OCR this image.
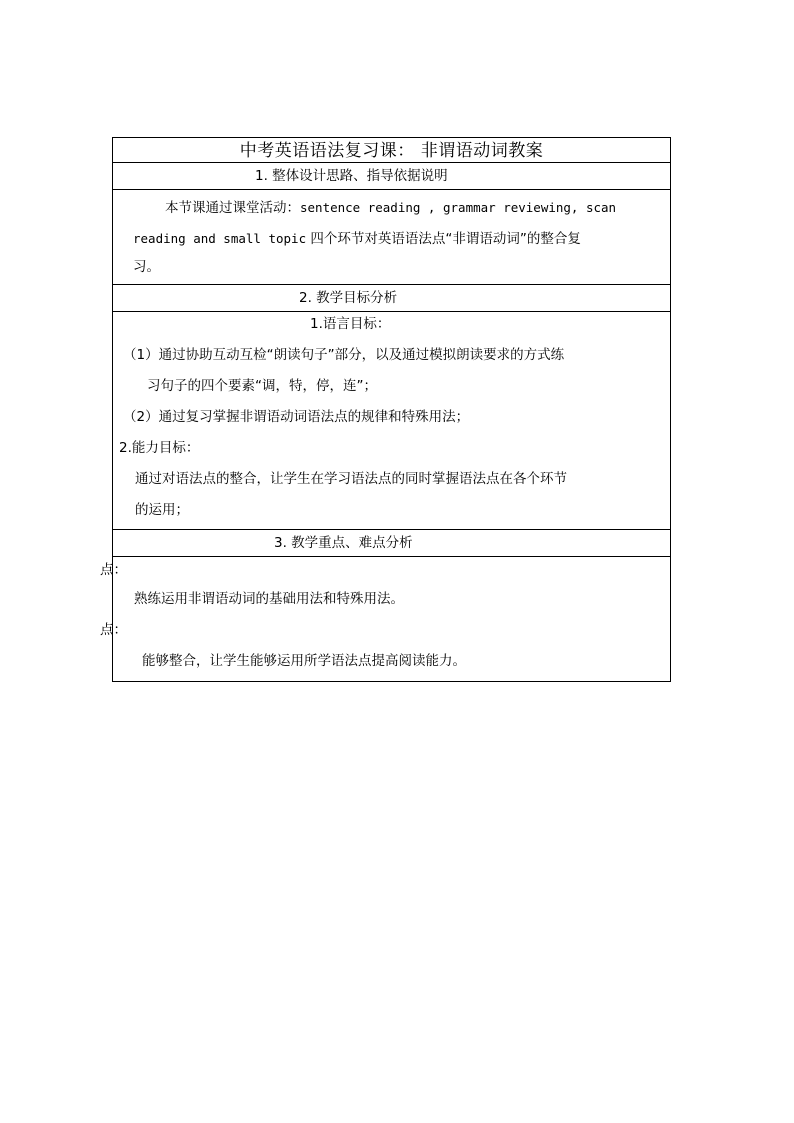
中考英语语法复习课： 非谓语动词教案
1. 整体设计思路、指导依据说明
本节课通过课堂活动：sentence reading , grammar reviewing, scan
reading and small topic 四个环节对英语语法点“非谓语动词”的整合复
习。
2. 教学目标分析
1.语言目标：
（1）通过协助互动互检“朗读句子”部分，以及通过模拟朗读要求的方式练
习句子的四个要素“调，特，停，连”；
（2）通过复习掌握非谓语动词语法点的规律和特殊用法；
2.能力目标：
通过对语法点的整合，让学生在学习语法点的同时掌握语法点在各个环节
的运用；
3. 教学重点、难点分析
点：
熟练运用非谓语动词的基础用法和特殊用法。
点：
能够整合，让学生能够运用所学语法点提高阅读能力。
